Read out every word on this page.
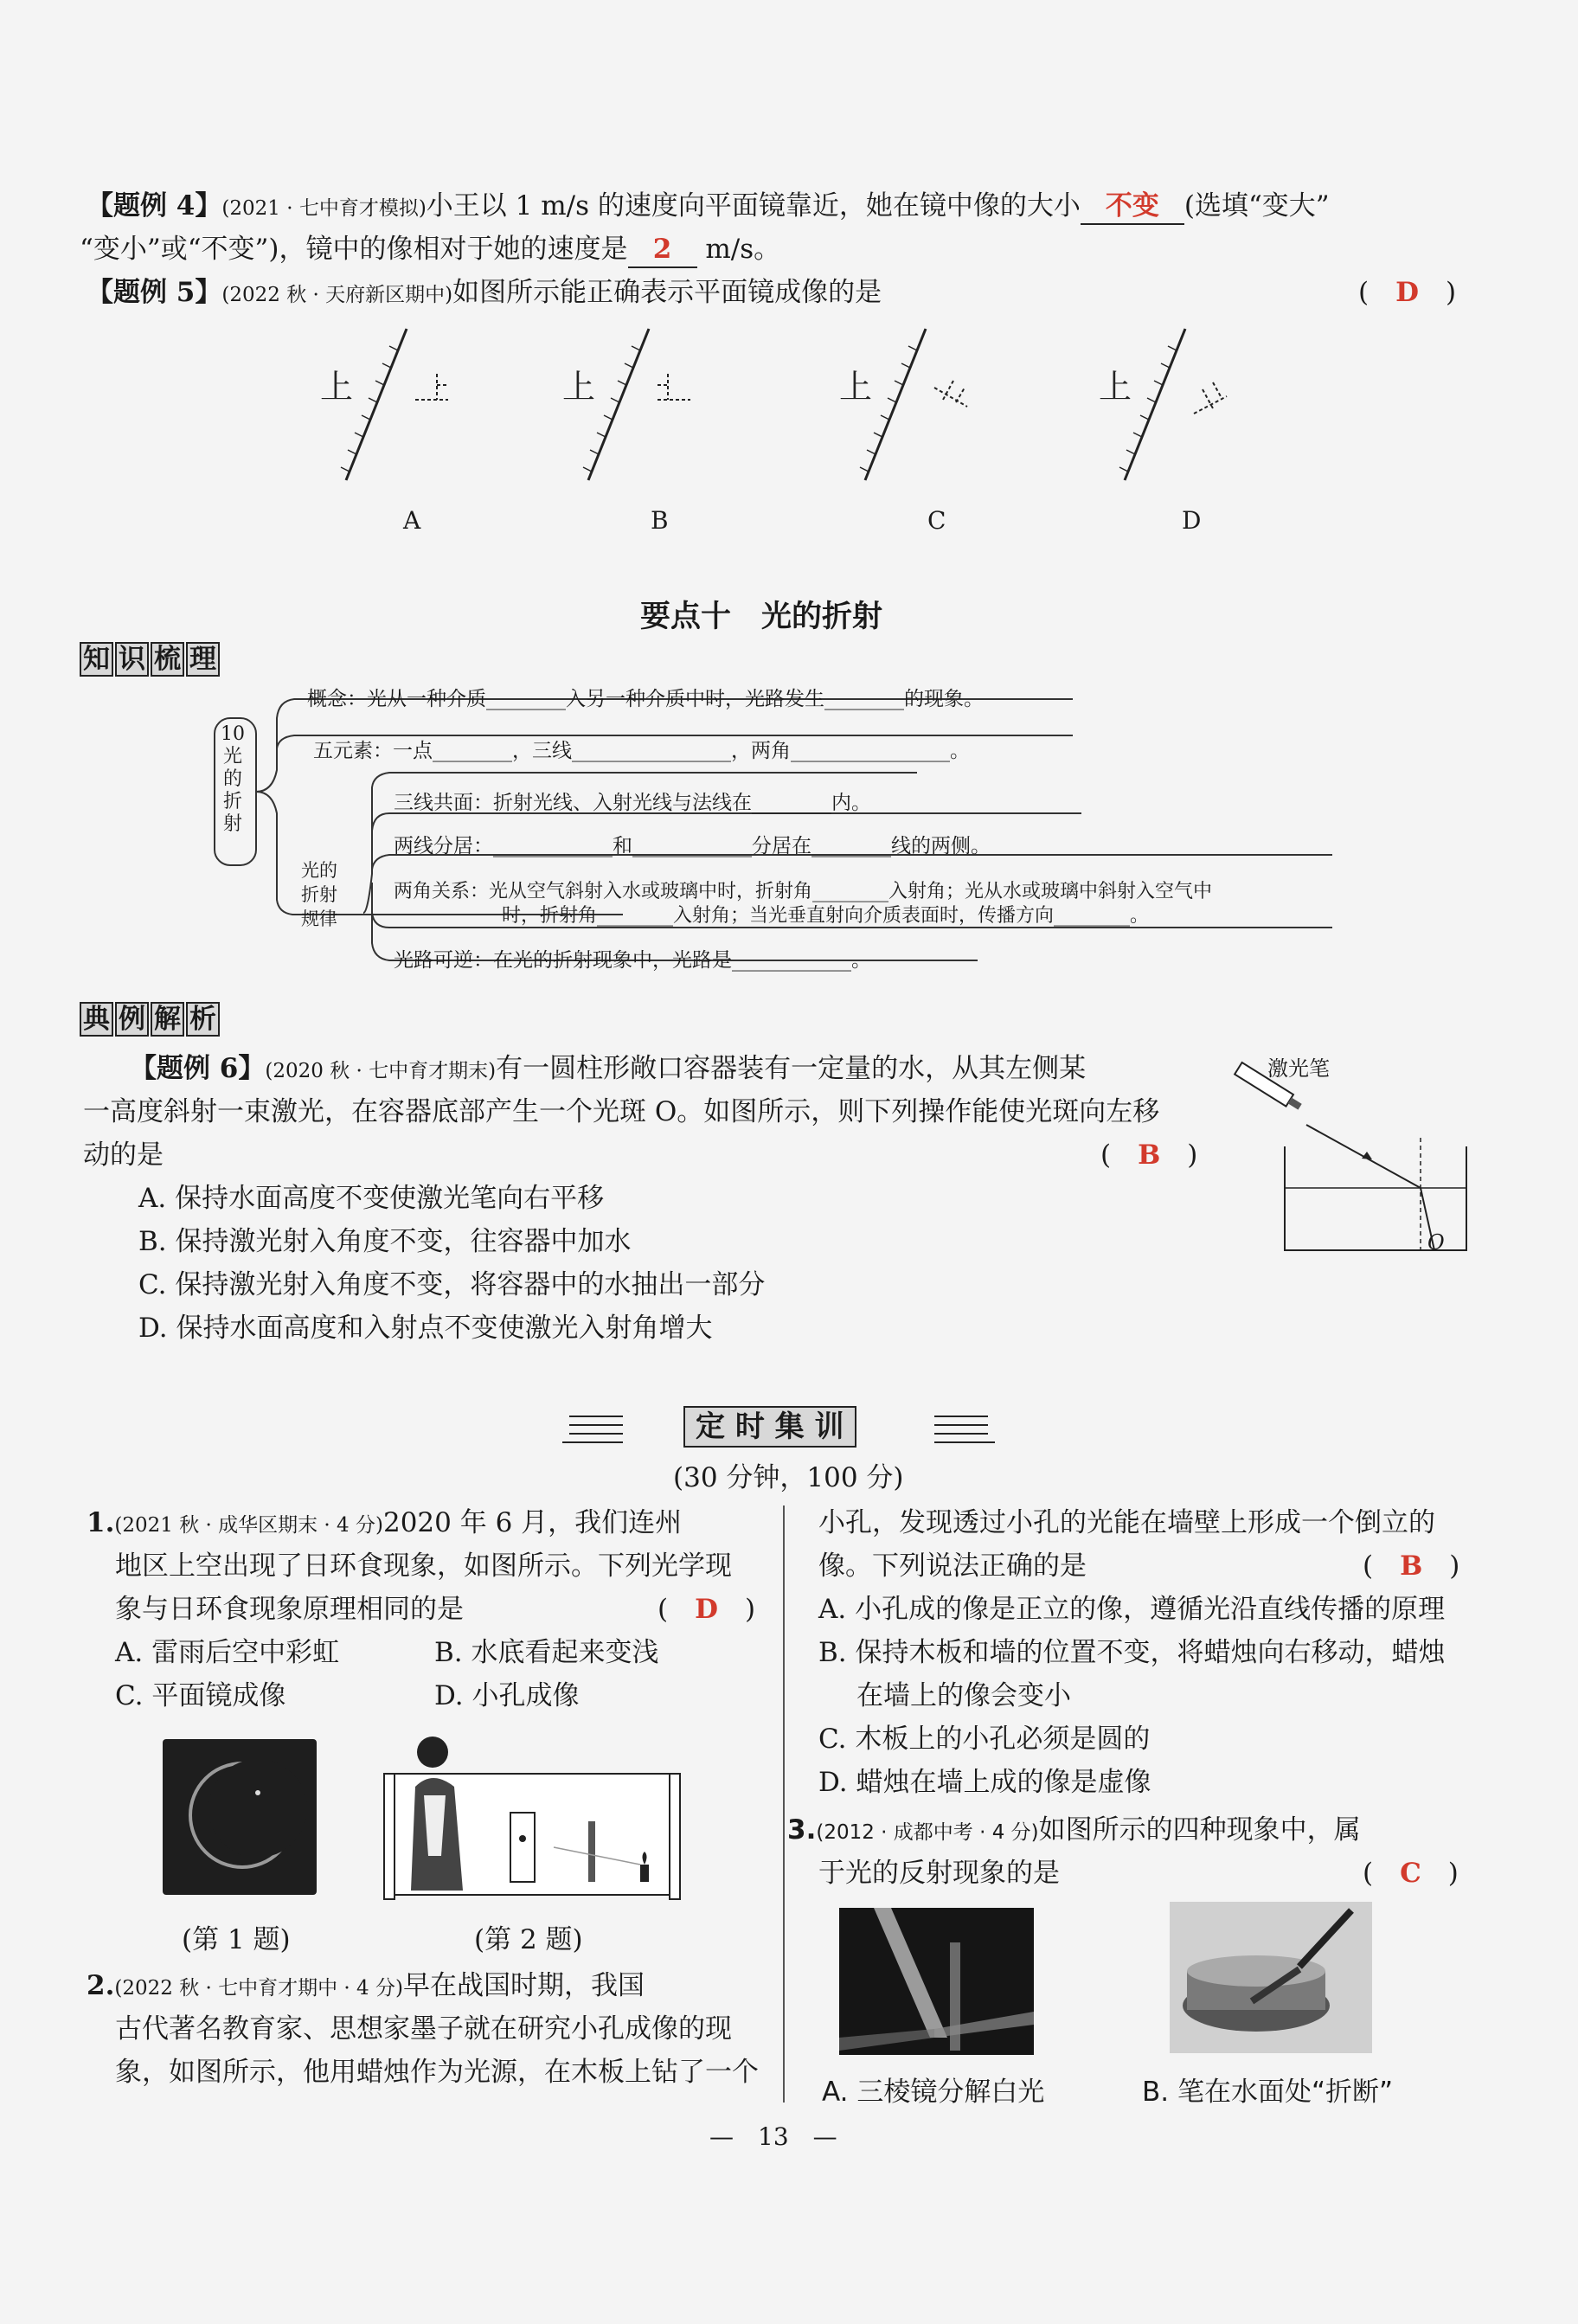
【题例 4】(2021 · 七中育才模拟)小王以 1 m/s 的速度向平面镜靠近，她在镜中像的大小 不变 (选填“变大”
“变小”或“不变”)，镜中的像相对于她的速度是 2 m/s。
【题例 5】(2022 秋 · 天府新区期中)如图所示能正确表示平面镜成像的是	(　D　)
上	上	上	上
A	B	C	D
要点十　光的折射
知 识 梳 理
10 光 的 折 射
概念：光从一种介质________入另一种介质中时，光路发生________的现象。
五元素：一点________，三线________________，两角________________。
光的折射规律
三线共面：折射光线、入射光线与法线在________内。
两线分居：____________和____________分居在________线的两侧。
两角关系：光从空气斜射入水或玻璃中时，折射角________入射角；光从水或玻璃中斜射入空气中
时，折射角________入射角；当光垂直射向介质表面时，传播方向________。
光路可逆：在光的折射现象中，光路是____________。
典 例 解 析
【题例 6】(2020 秋 · 七中育才期末)有一圆柱形敞口容器装有一定量的水，从其左侧某
一高度斜射一束激光，在容器底部产生一个光斑 O。如图所示，则下列操作能使光斑向左移
动的是	(　B　)
A. 保持水面高度不变使激光笔向右平移
B. 保持激光射入角度不变，往容器中加水
C. 保持激光射入角度不变，将容器中的水抽出一部分
D. 保持水面高度和入射点不变使激光入射角增大
激光笔
O
定 时 集 训
(30 分钟，100 分)
1.(2021 秋 · 成华区期末 · 4 分)2020 年 6 月，我们连州
地区上空出现了日环食现象，如图所示。下列光学现
象与日环食现象原理相同的是	(　D　)
A. 雷雨后空中彩虹	B. 水底看起来变浅
C. 平面镜成像	D. 小孔成像
(第 1 题)	(第 2 题)
2.(2022 秋 · 七中育才期中 · 4 分)早在战国时期，我国
古代著名教育家、思想家墨子就在研究小孔成像的现
象，如图所示，他用蜡烛作为光源，在木板上钻了一个
小孔，发现透过小孔的光能在墙壁上形成一个倒立的
像。下列说法正确的是	(　B　)
A. 小孔成的像是正立的像，遵循光沿直线传播的原理
B. 保持木板和墙的位置不变，将蜡烛向右移动，蜡烛
在墙上的像会变小
C. 木板上的小孔必须是圆的
D. 蜡烛在墙上成的像是虚像
3.(2012 · 成都中考 · 4 分)如图所示的四种现象中，属
于光的反射现象的是	(　C　)
A. 三棱镜分解白光	B. 笔在水面处“折断”
—　13　—
